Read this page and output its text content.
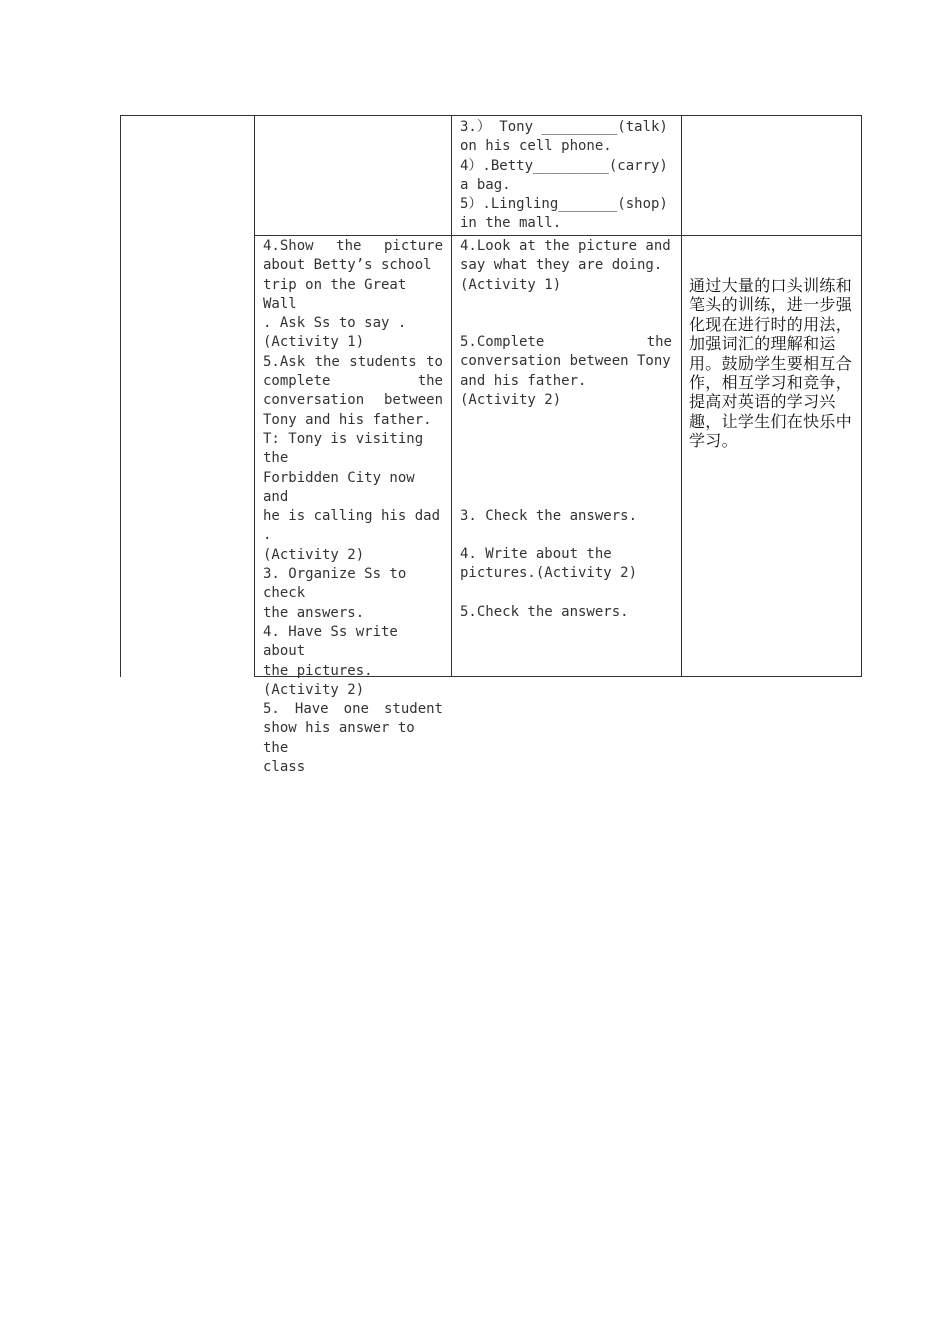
3.） Tony _________(talk)

on his cell phone.

4）.Betty_________(carry)

a bag.

5）.Lingling_______(shop)

in the mall.

4.Show the picture

about Betty’s school

trip on the Great Wall

. Ask Ss to say .

(Activity 1)

5.Ask the students to

complete the

conversation between

Tony and his father.

T: Tony is visiting the

Forbidden City now and

he is calling his dad .

(Activity 2)

3. Organize Ss to check

the answers.

4. Have Ss write about

the pictures.

(Activity 2)

5. Have one student

show his answer to the

class

4.Look at the picture and

say what they are doing.

(Activity 1)

5.Complete the

conversation between Tony

and his father.

(Activity 2)

3. Check the answers.

4. Write about the

pictures.(Activity 2)

5.Check the answers.

通过大量的口头训练和笔头的训练，进一步强化现在进行时的用法，加强词汇的理解和运用。鼓励学生要相互合作，相互学习和竞争，提高对英语的学习兴趣，让学生们在快乐中学习。
